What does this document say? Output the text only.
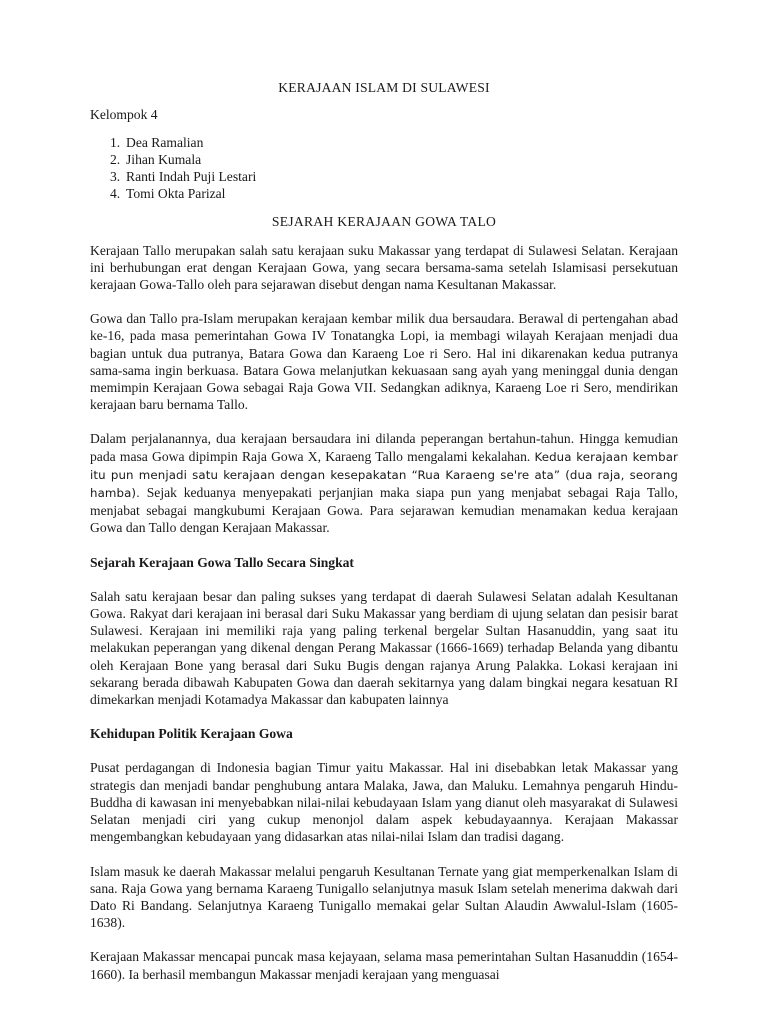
KERAJAAN ISLAM DI SULAWESI
Kelompok 4
1. Dea Ramalian
2. Jihan Kumala
3. Ranti Indah Puji Lestari
4. Tomi Okta Parizal
SEJARAH KERAJAAN GOWA TALO

Kerajaan Tallo merupakan salah satu kerajaan suku Makassar yang terdapat di Sulawesi Selatan. Kerajaan ini berhubungan erat dengan Kerajaan Gowa, yang secara bersama-sama setelah Islamisasi persekutuan kerajaan Gowa-Tallo oleh para sejarawan disebut dengan nama Kesultanan Makassar.

Gowa dan Tallo pra-Islam merupakan kerajaan kembar milik dua bersaudara. Berawal di pertengahan abad ke-16, pada masa pemerintahan Gowa IV Tonatangka Lopi, ia membagi wilayah Kerajaan menjadi dua bagian untuk dua putranya, Batara Gowa dan Karaeng Loe ri Sero. Hal ini dikarenakan kedua putranya sama-sama ingin berkuasa. Batara Gowa melanjutkan kekuasaan sang ayah yang meninggal dunia dengan memimpin Kerajaan Gowa sebagai Raja Gowa VII. Sedangkan adiknya, Karaeng Loe ri Sero, mendirikan kerajaan baru bernama Tallo.

Dalam perjalanannya, dua kerajaan bersaudara ini dilanda peperangan bertahun-tahun. Hingga kemudian pada masa Gowa dipimpin Raja Gowa X, Karaeng Tallo mengalami kekalahan. Kedua kerajaan kembar itu pun menjadi satu kerajaan dengan kesepakatan “Rua Karaeng se're ata” (dua raja, seorang hamba). Sejak keduanya menyepakati perjanjian maka siapa pun yang menjabat sebagai Raja Tallo, menjabat sebagai mangkubumi Kerajaan Gowa. Para sejarawan kemudian menamakan kedua kerajaan Gowa dan Tallo dengan Kerajaan Makassar.

Sejarah Kerajaan Gowa Tallo Secara Singkat

Salah satu kerajaan besar dan paling sukses yang terdapat di daerah Sulawesi Selatan adalah Kesultanan Gowa. Rakyat dari kerajaan ini berasal dari Suku Makassar yang berdiam di ujung selatan dan pesisir barat Sulawesi. Kerajaan ini memiliki raja yang paling terkenal bergelar Sultan Hasanuddin, yang saat itu melakukan peperangan yang dikenal dengan Perang Makassar (1666-1669) terhadap Belanda yang dibantu oleh Kerajaan Bone yang berasal dari Suku Bugis dengan rajanya Arung Palakka. Lokasi kerajaan ini sekarang berada dibawah Kabupaten Gowa dan daerah sekitarnya yang dalam bingkai negara kesatuan RI dimekarkan menjadi Kotamadya Makassar dan kabupaten lainnya

Kehidupan Politik Kerajaan Gowa

Pusat perdagangan di Indonesia bagian Timur yaitu Makassar. Hal ini disebabkan letak Makassar yang strategis dan menjadi bandar penghubung antara Malaka, Jawa, dan Maluku. Lemahnya pengaruh Hindu-Buddha di kawasan ini menyebabkan nilai-nilai kebudayaan Islam yang dianut oleh masyarakat di Sulawesi Selatan menjadi ciri yang cukup menonjol dalam aspek kebudayaannya. Kerajaan Makassar mengembangkan kebudayaan yang didasarkan atas nilai-nilai Islam dan tradisi dagang.

Islam masuk ke daerah Makassar melalui pengaruh Kesultanan Ternate yang giat memperkenalkan Islam di sana. Raja Gowa yang bernama Karaeng Tunigallo selanjutnya masuk Islam setelah menerima dakwah dari Dato Ri Bandang. Selanjutnya Karaeng Tunigallo memakai gelar Sultan Alaudin Awwalul-Islam (1605-1638).

Kerajaan Makassar mencapai puncak masa kejayaan, selama masa pemerintahan Sultan Hasanuddin (1654-1660). Ia berhasil membangun Makassar menjadi kerajaan yang menguasai
